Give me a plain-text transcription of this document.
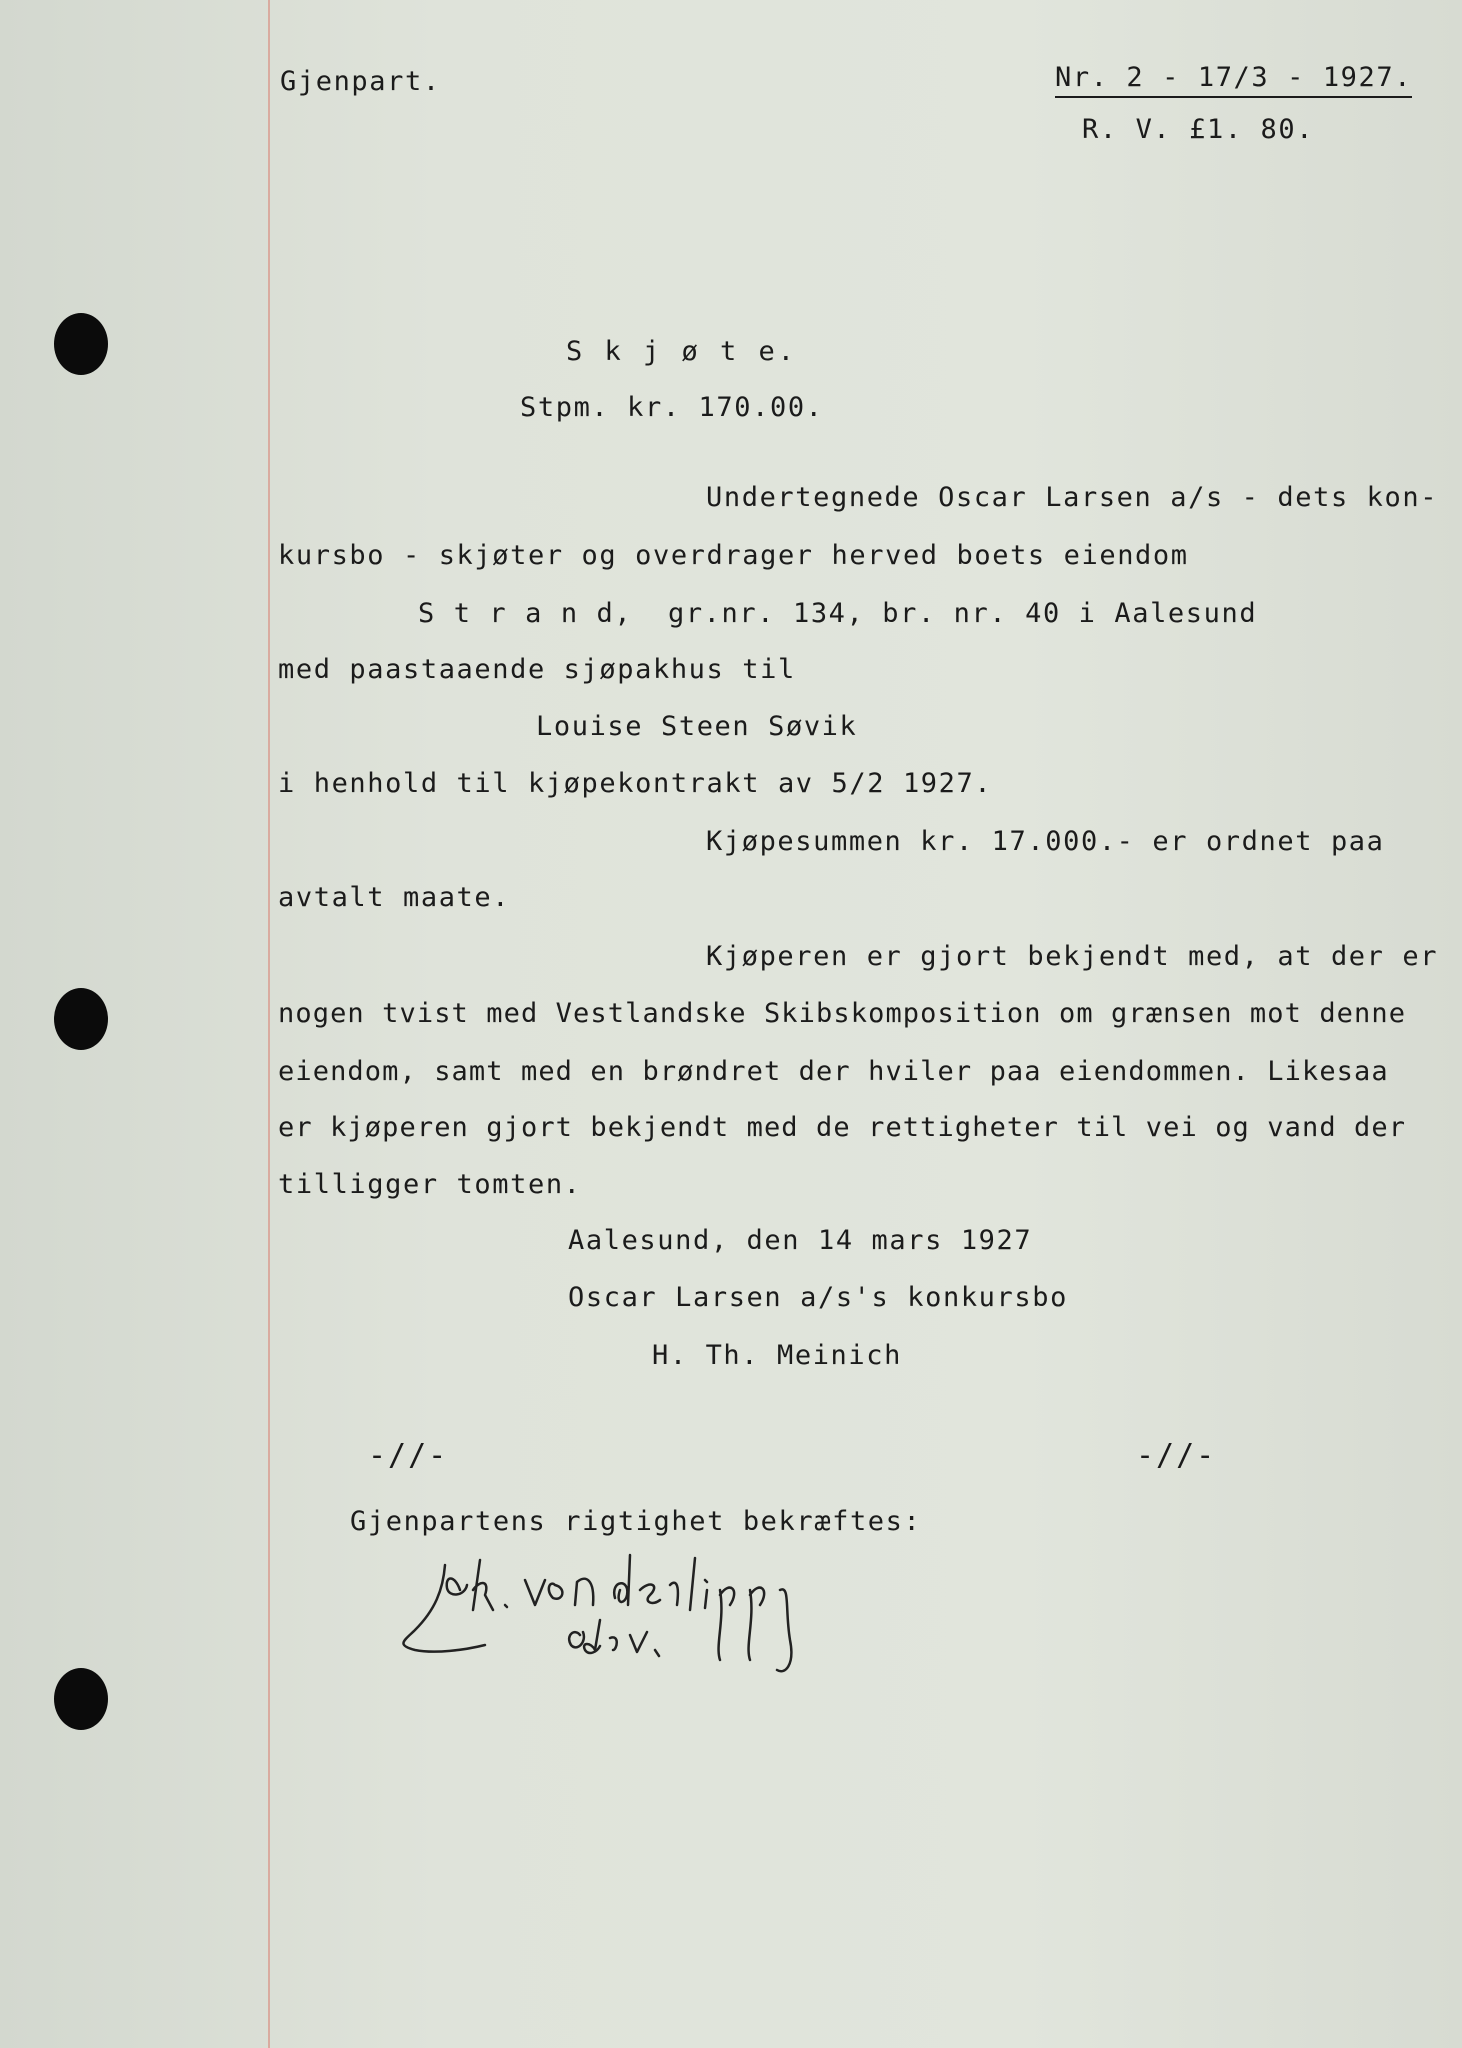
Gjenpart.	Nr. 2 - 17/3 - 1927.
R. V. £1. 80.
S k j ø t e.
Stpm. kr. 170.00.
Undertegnede Oscar Larsen a/s - dets kon-
kursbo - skjøter og overdrager herved boets eiendom
S t r a n d,  gr.nr. 134, br. nr. 40 i Aalesund
med paastaaende sjøpakhus til
Louise Steen Søvik
i henhold til kjøpekontrakt av 5/2 1927.
Kjøpesummen kr. 17.000.- er ordnet paa
avtalt maate.
Kjøperen er gjort bekjendt med, at der er
nogen tvist med Vestlandske Skibskomposition om grænsen mot denne
eiendom, samt med en brøndret der hviler paa eiendommen. Likesaa
er kjøperen gjort bekjendt med de rettigheter til vei og vand der
tilligger tomten.
Aalesund, den 14 mars 1927
Oscar Larsen a/s's konkursbo
H. Th. Meinich
-//-	-//-
Gjenpartens rigtighet bekræftes:
